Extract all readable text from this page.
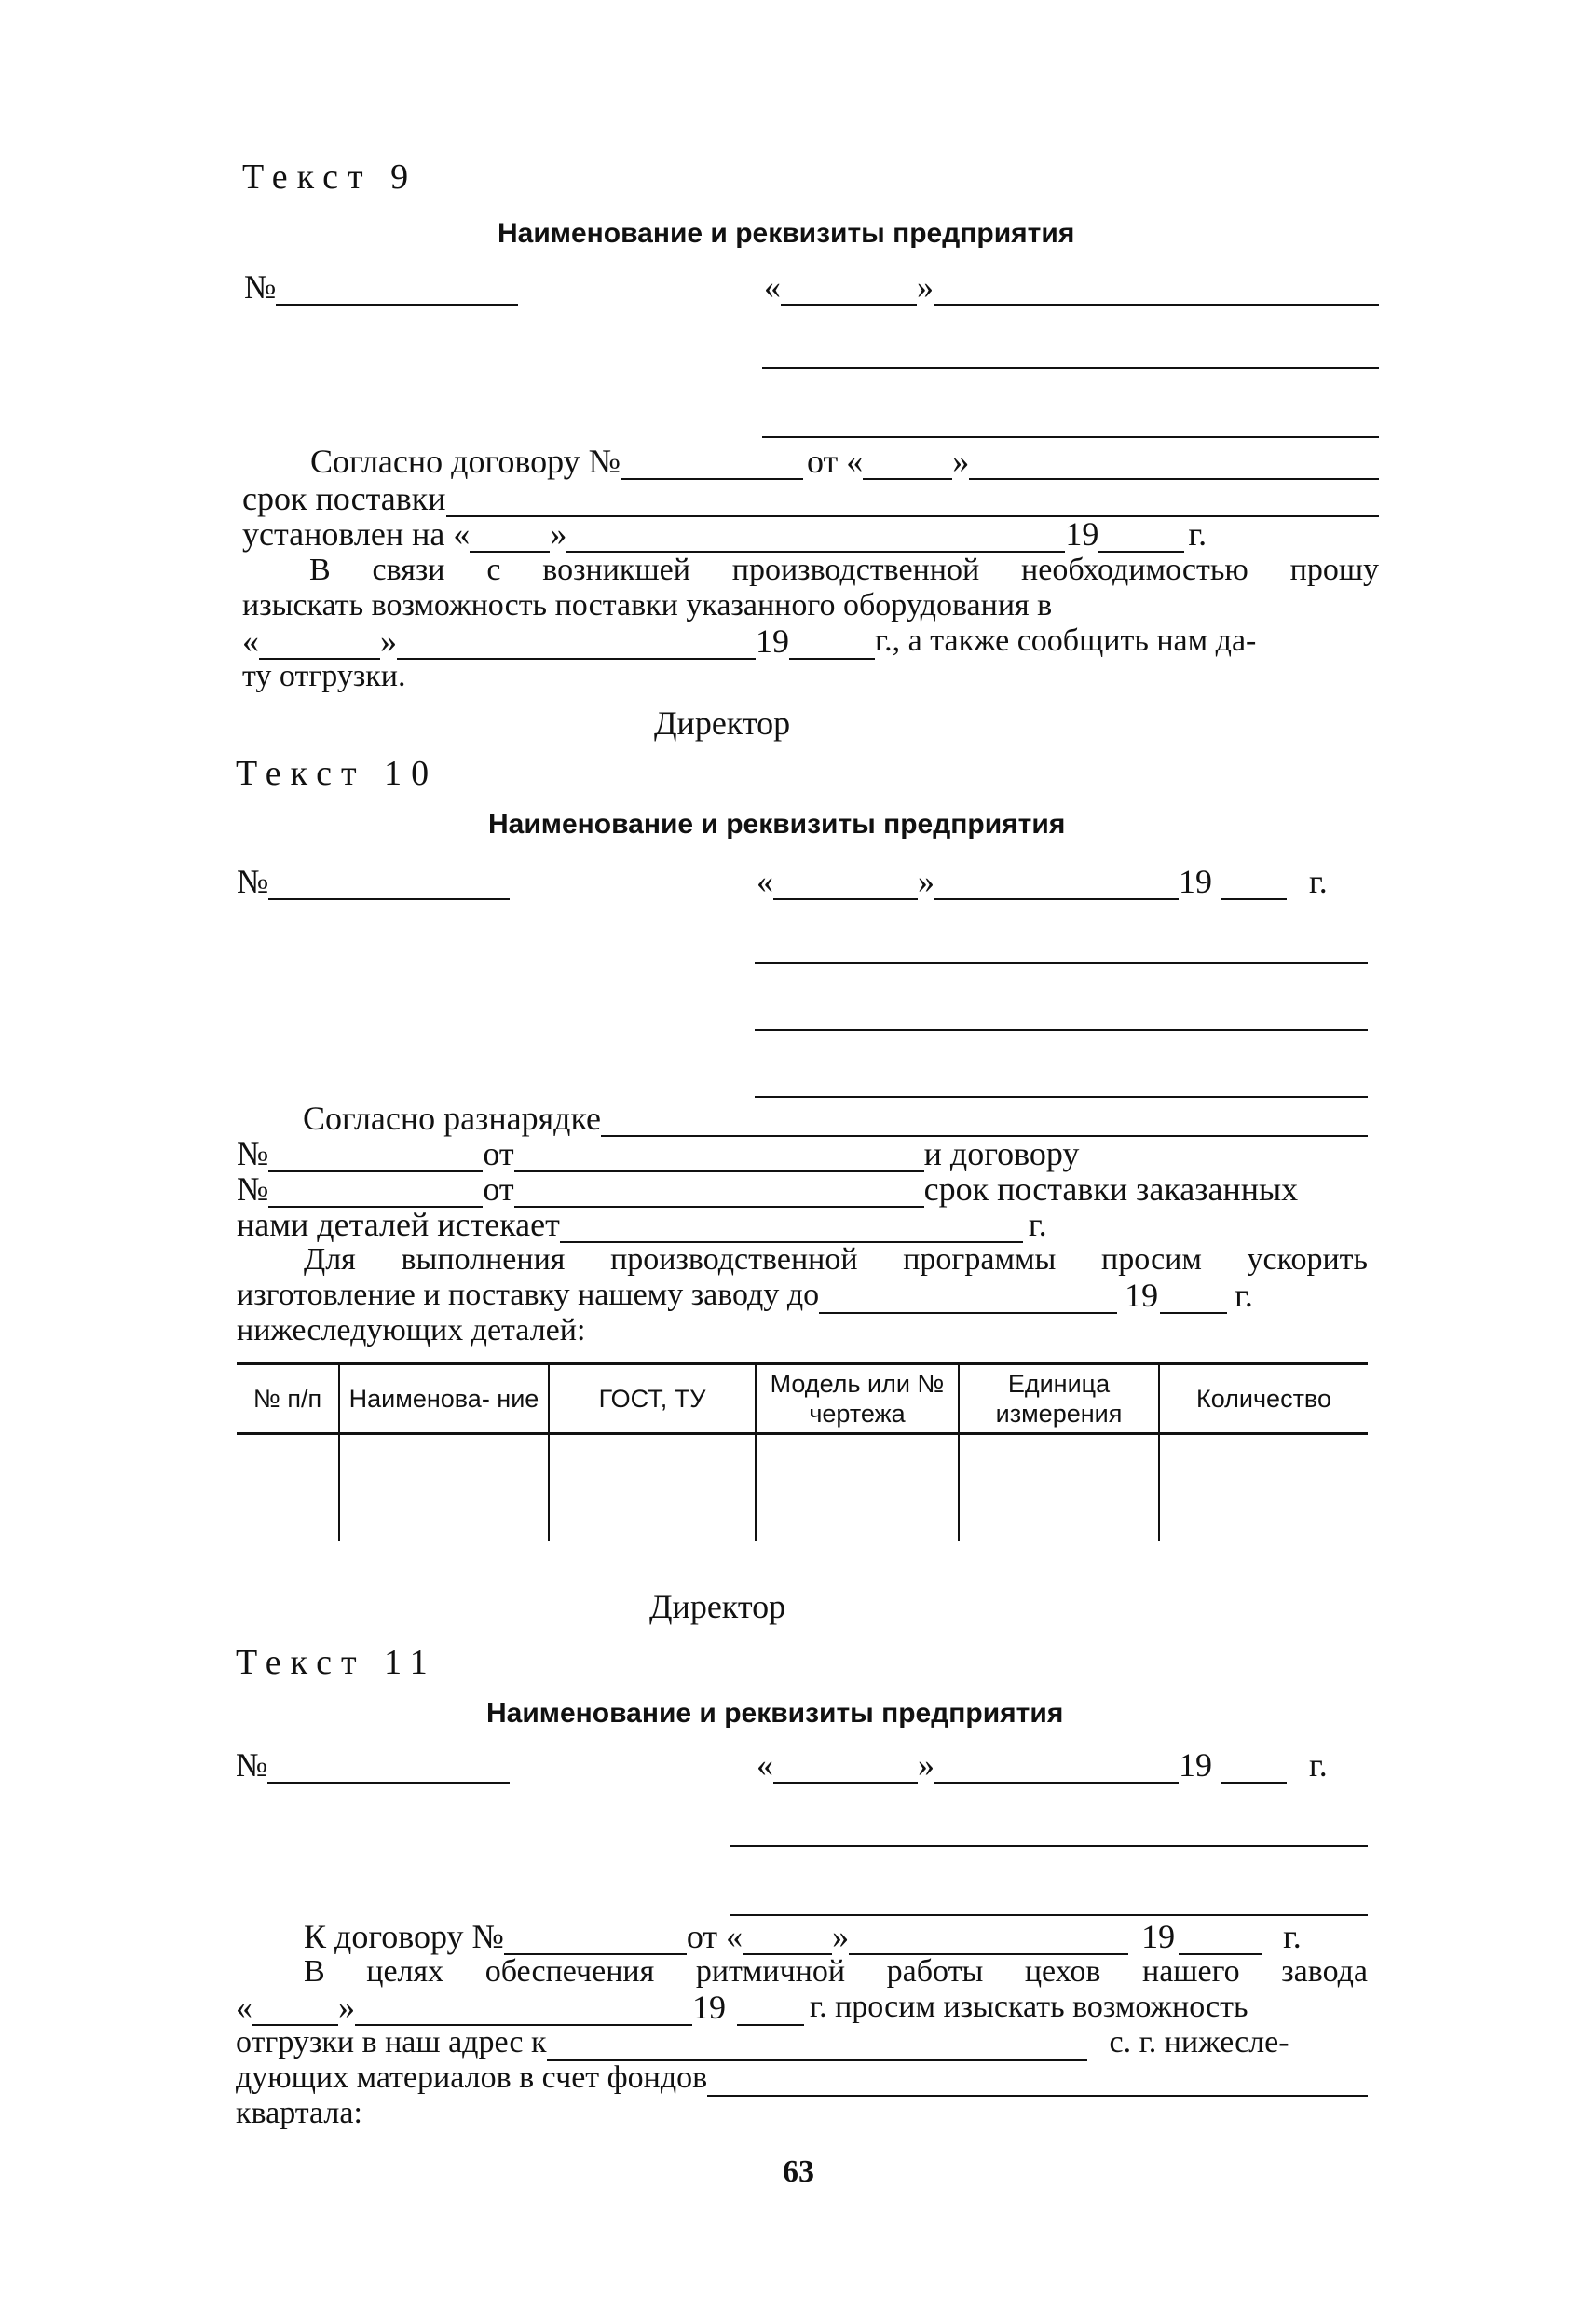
Текст 9
Наименование и реквизиты предприятия
№	«	»
Согласно договору №	от «	»
срок поставки
установлен на « »	19	г.
В связи с возникшей производственной необходимостью прошу
изыскать возможность поставки указанного оборудования в
«	»	19	г., а также сообщить нам да-
ту отгрузки.
Директор
Текст 10
Наименование и реквизиты предприятия
№	«	»	19	г.
Согласно разнарядке
№	от	и договору
№	от	срок поставки заказанных
нами деталей истекает	г.
Для выполнения производственной программы просим ускорить
изготовление и поставку нашему заводу до	19 г.
нижеследующих деталей:
№ п/п	Наименова- ние	ГОСТ, ТУ	Модель или № чертежа	Единица измерения	Количество

Директор
Текст 11
Наименование и реквизиты предприятия
№	«	»	19	г.
К договору №	от «	»	19	г.
В целях обеспечения ритмичной работы цехов нашего завода
«	»	19	г. просим изыскать возможность
отгрузки в наш адрес к	с. г. нижесле-
дующих материалов в счет фондов
квартала:
63
